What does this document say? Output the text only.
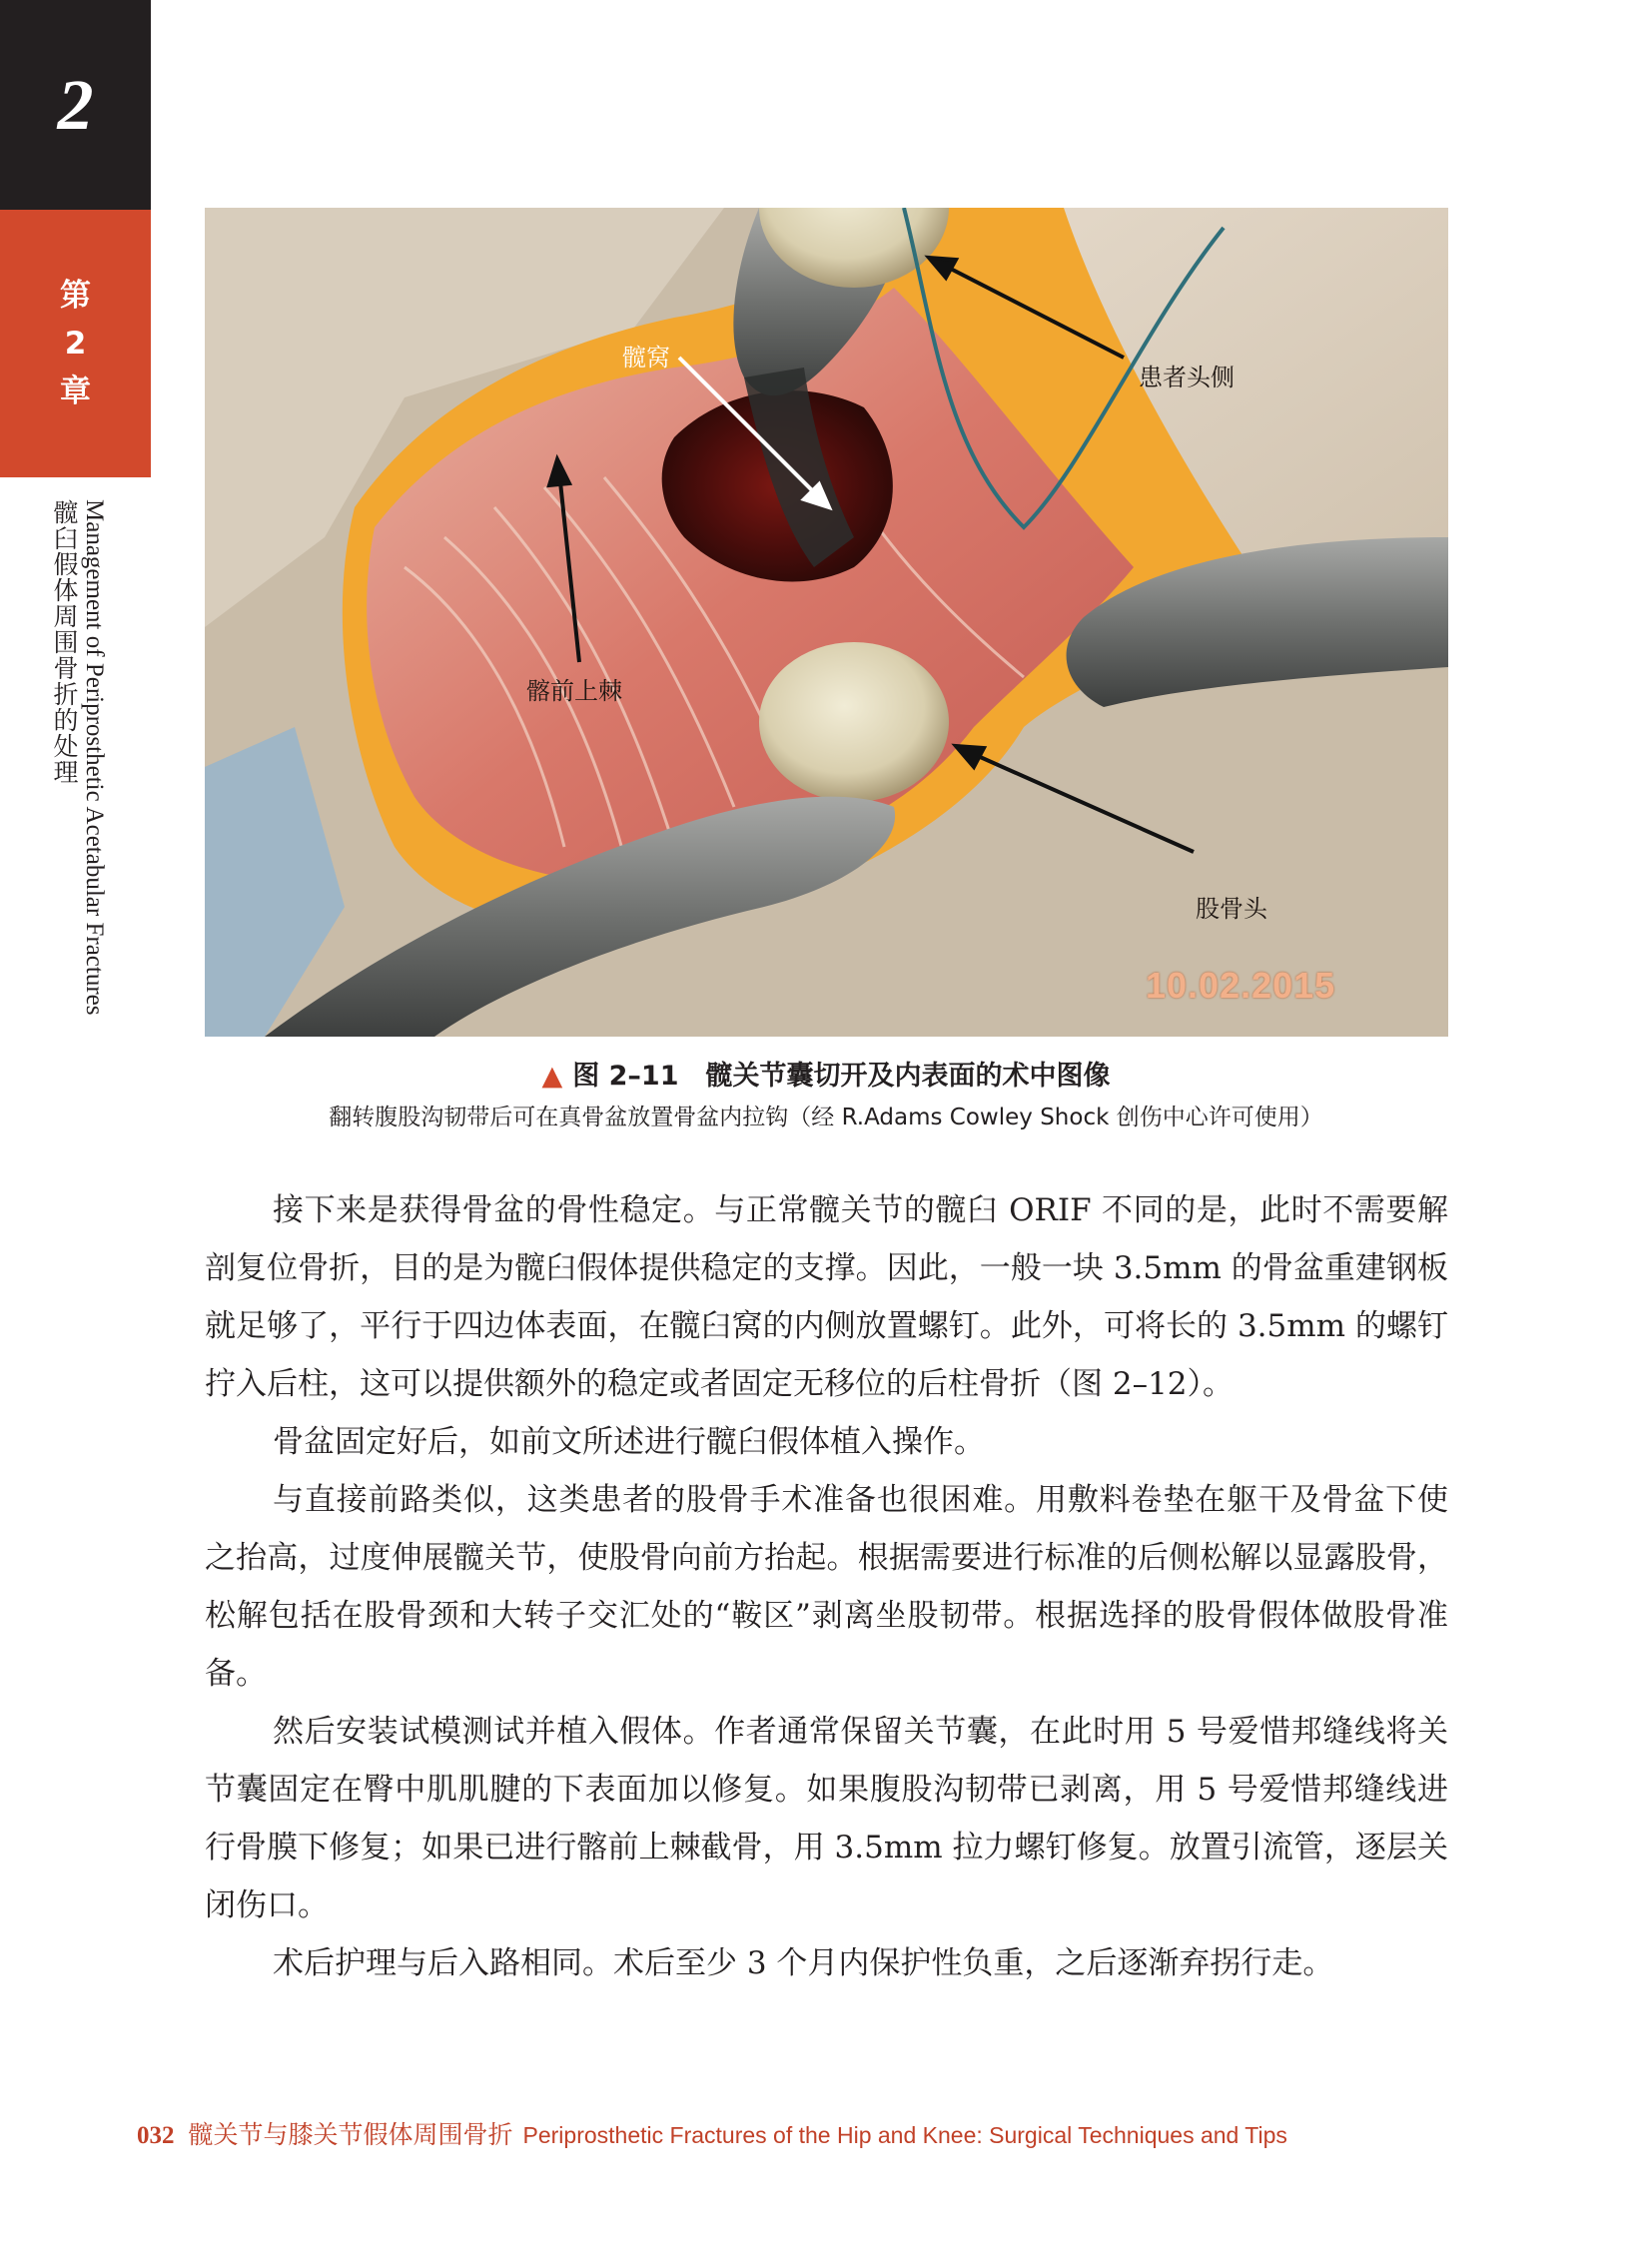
2
第
2
章
髋臼假体周围骨折的处理 Management of Periprosthetic Acetabular Fractures
髋窝
患者头侧
髂前上棘
股骨头
10.02.2015
▲ 图 2–11　髋关节囊切开及内表面的术中图像
翻转腹股沟韧带后可在真骨盆放置骨盆内拉钩（经 R.Adams Cowley Shock 创伤中心许可使用）

接下来是获得骨盆的骨性稳定。与正常髋关节的髋臼 ORIF 不同的是，此时不需要解剖复位骨折，目的是为髋臼假体提供稳定的支撑。因此，一般一块 3.5mm 的骨盆重建钢板就足够了，平行于四边体表面，在髋臼窝的内侧放置螺钉。此外，可将长的 3.5mm 的螺钉拧入后柱，这可以提供额外的稳定或者固定无移位的后柱骨折（图 2–12）。

骨盆固定好后，如前文所述进行髋臼假体植入操作。

与直接前路类似，这类患者的股骨手术准备也很困难。用敷料卷垫在躯干及骨盆下使之抬高，过度伸展髋关节，使股骨向前方抬起。根据需要进行标准的后侧松解以显露股骨，松解包括在股骨颈和大转子交汇处的“鞍区”剥离坐股韧带。根据选择的股骨假体做股骨准备。

然后安装试模测试并植入假体。作者通常保留关节囊，在此时用 5 号爱惜邦缝线将关节囊固定在臀中肌肌腱的下表面加以修复。如果腹股沟韧带已剥离，用 5 号爱惜邦缝线进行骨膜下修复；如果已进行髂前上棘截骨，用 3.5mm 拉力螺钉修复。放置引流管，逐层关闭伤口。

术后护理与后入路相同。术后至少 3 个月内保护性负重，之后逐渐弃拐行走。

032 髋关节与膝关节假体周围骨折 Periprosthetic Fractures of the Hip and Knee: Surgical Techniques and Tips
